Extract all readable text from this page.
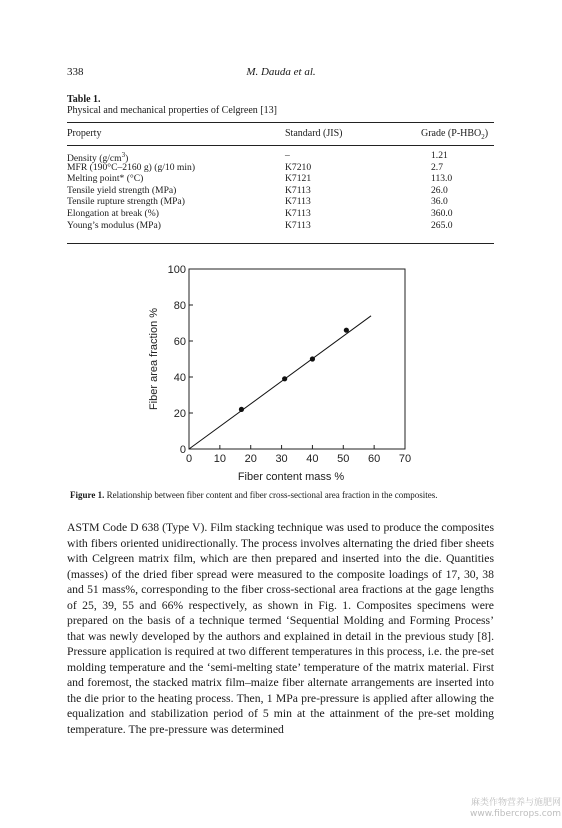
338	M. Dauda et al.
Table 1.
Physical and mechanical properties of Celgreen [13]
Property	Standard (JIS)	Grade $(P-HBO_2)$
Density $(g/cm^3)$	–	1.21
MFR (190°C–2160 g) (g/10 min)	K7210	2.7
Melting point* (°C)	K7121	113.0
Tensile yield strength (MPa)	K7113	26.0
Tensile rupture strength (MPa)	K7113	36.0
Elongation at break (%)	K7113	360.0
Young’s modulus (MPa)	K7113	265.0
0 10 20 30 40 50 60 70
0
20
40
60
80
100
Fiber content mass %
Fiber area fraction %
Figure 1. Relationship between fiber content and fiber cross-sectional area fraction in the composites.
ASTM Code D 638 (Type V). Film stacking technique was used to produce the composites with fibers oriented unidirectionally. The process involves alternating the dried fiber sheets with Celgreen matrix film, which are then prepared and inserted into the die. Quantities (masses) of the dried fiber spread were measured to the composite loadings of 17, 30, 38 and 51 mass%, corresponding to the fiber cross-sectional area fractions at the gage lengths of 25, 39, 55 and 66% respectively, as shown in Fig. 1. Composites specimens were prepared on the basis of a technique termed ‘Sequential Molding and Forming Process’ that was newly developed by the authors and explained in detail in the previous study [8]. Pressure application is required at two different temperatures in this process, i.e. the pre-set molding temperature and the ‘semi-melting state’ temperature of the matrix material. First and foremost, the stacked matrix film–maize fiber alternate arrangements are inserted into the die prior to the heating process. Then, 1 MPa pre-pressure is applied after allowing the equalization and stabilization period of 5 min at the attainment of the pre-set molding temperature. The pre-pressure was determined
麻类作物营养与施肥网
www.fibercrops.com
